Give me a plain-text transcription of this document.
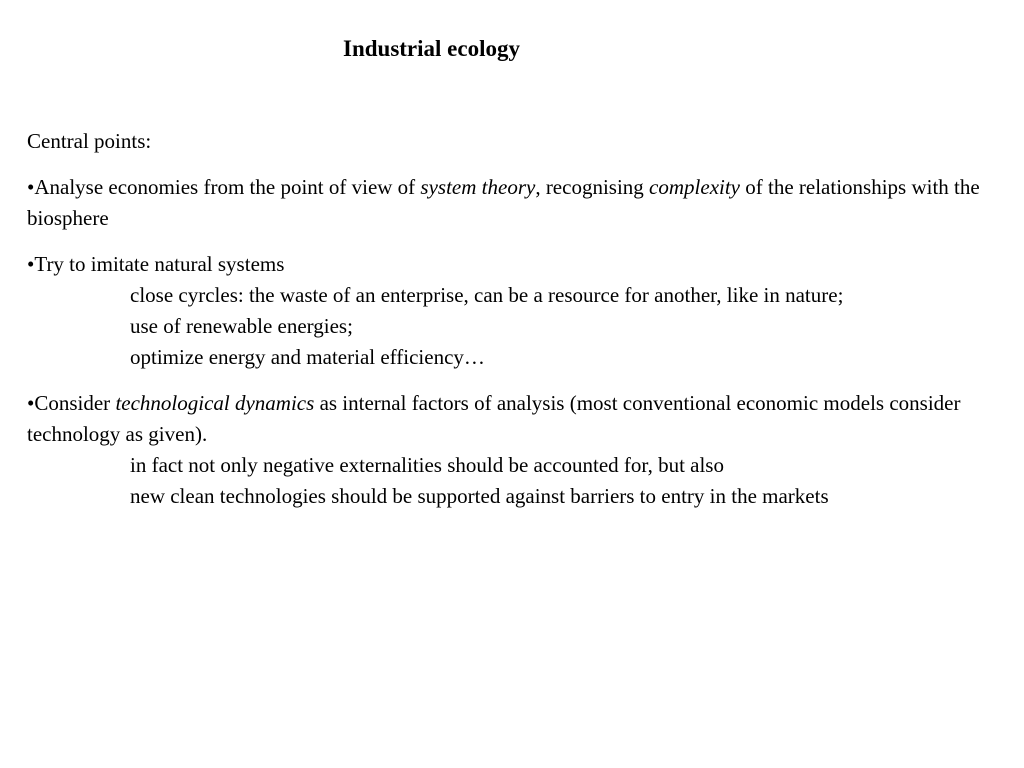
Industrial ecology
Central points:
•Analyse economies from the point of view of system theory, recognising complexity of the relationships with the biosphere
•Try to imitate natural systems
close cyrcles: the waste of an enterprise, can be a resource for another, like in nature;
use of renewable energies;
optimize energy and material efficiency…
•Consider technological dynamics as internal factors of analysis (most conventional economic models consider technology as given).
in fact not only negative externalities should be accounted for, but also
new clean technologies should be supported against barriers to entry in the markets
